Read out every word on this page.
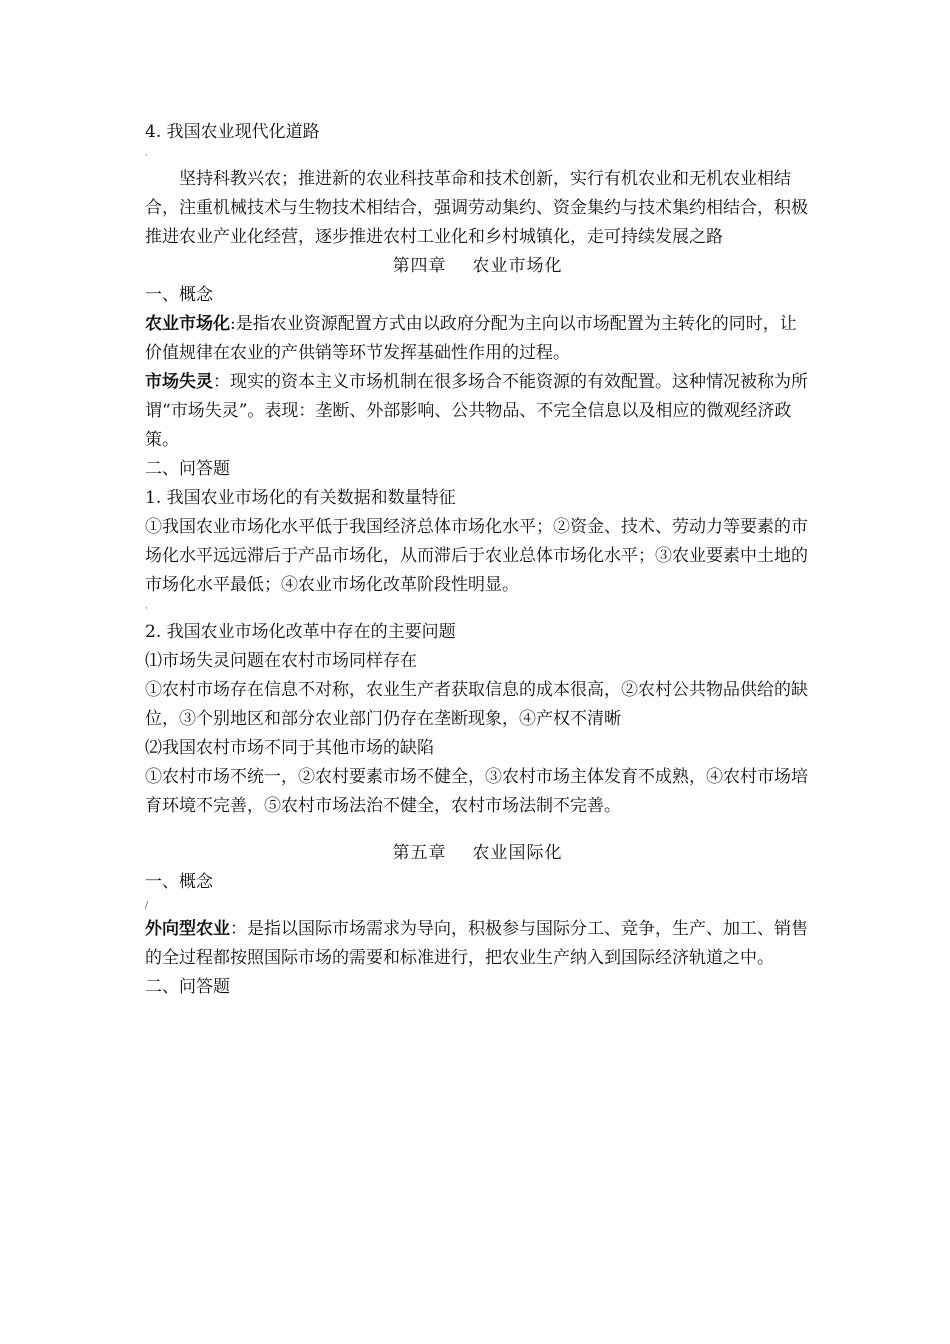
4. 我国农业现代化道路

·

坚持科教兴农；推进新的农业科技革命和技术创新，实行有机农业和无机农业相结合，注重机械技术与生物技术相结合，强调劳动集约、资金集约与技术集约相结合，积极推进农业产业化经营，逐步推进农村工业化和乡村城镇化，走可持续发展之路

第四章 农业市场化

一、概念

农业市场化:是指农业资源配置方式由以政府分配为主向以市场配置为主转化的同时，让价值规律在农业的产供销等环节发挥基础性作用的过程。

市场失灵：现实的资本主义市场机制在很多场合不能资源的有效配置。这种情况被称为所谓“市场失灵”。表现：垄断、外部影响、公共物品、不完全信息以及相应的微观经济政策。

二、问答题

1. 我国农业市场化的有关数据和数量特征

①我国农业市场化水平低于我国经济总体市场化水平；②资金、技术、劳动力等要素的市场化水平远远滞后于产品市场化，从而滞后于农业总体市场化水平；③农业要素中土地的市场化水平最低；④农业市场化改革阶段性明显。

·

2. 我国农业市场化改革中存在的主要问题

⑴市场失灵问题在农村市场同样存在

①农村市场存在信息不对称，农业生产者获取信息的成本很高，②农村公共物品供给的缺位，③个别地区和部分农业部门仍存在垄断现象，④产权不清晰

⑵我国农村市场不同于其他市场的缺陷

①农村市场不统一，②农村要素市场不健全，③农村市场主体发育不成熟，④农村市场培育环境不完善，⑤农村市场法治不健全，农村市场法制不完善。

第五章 农业国际化

一、概念

/

外向型农业：是指以国际市场需求为导向，积极参与国际分工、竞争，生产、加工、销售的全过程都按照国际市场的需要和标准进行，把农业生产纳入到国际经济轨道之中。

二、问答题
